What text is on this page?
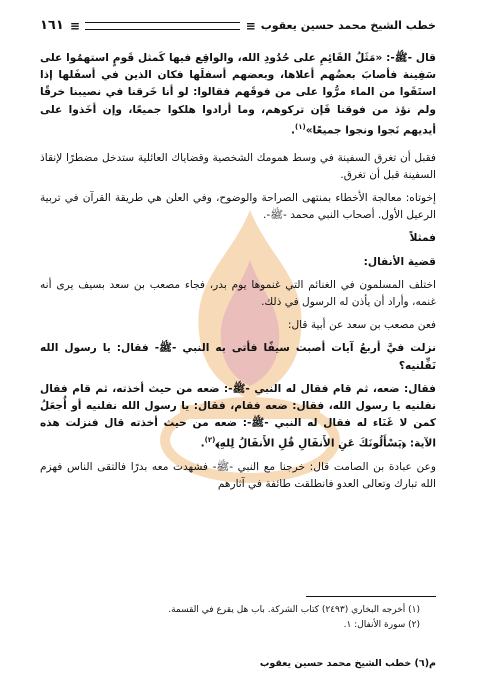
خطب الشيخ محمد حسين يعقوب
≡
≡
١٦١

قال -ﷺ-: «مَثَلُ القَائِمِ على حُدُودِ الله، والواقِع فيها كَمثل قَومٍ استهمُوا على سَفِينة فأصابَ بعضُهم أعلاها، وبعضهم أسفلَها فكان الذين في أسفَلها إذا استَقَوا من الماء مرُّوا على من فوقَهم فقالوا: لو أنا خَرقنا في نصيبنا خرقًا ولم نؤذ من فوقنا فَإن تركوهم، وما أرادوا هلكوا جميعًا، وإن أخَذوا على أيديهم نَجوا ونجوا جميعًا»$^{(١)}$.

فقبل أن تغرق السفينة في وسط همومك الشخصية وقضاياك العائلية ستدخل مضطرًا لإنقاذ السفينة قبل أن تغرق.

إخوتاه: معالجة الأخطاء بمنتهى الصراحة والوضوح، وفي العلن هي طريقة القرآن في تربية الرعيل الأول. أصحاب النبي محمد -ﷺ-.

فمثلاً

قضية الأنفال:

اختلف المسلمون في الغنائم التي غنموها يوم بدر، فجاء مصعب بن سعد بسيف يرى أنه غنمه، وأراد أن يأذن له الرسول في ذلك.

فعن مصعب بن سعد عن أبية قال:

نزلت فيَّ أربعُ آيات أصبت سيفًا فأتى به النبي -ﷺ- فقال: يا رسول الله نَفِّلنيه؟

فقال: ضعه، ثم قام فقال له النبي -ﷺ-: ضعه من حيث أخذته، ثم قام فقال نفلنيه يا رسول الله، فقال: ضعه فقام، فقال: يا رسول الله نفلنيه أو أُجعَلُ كمن لا غَنَاء له فقال له النبي -ﷺ-: ضعه من حيث أخذته قال فنزلت هذه الآية: ﴿يَسْأَلُونَكَ عَنِ الأَنفَالِ قُلِ الأَنفَالُ لِلهِ﴾$^{(٢)}$.

وعن عبادة بن الصامت قال: خرجنا مع النبي -ﷺ- فشهدت معه بدرًا فالتقى الناس فهزم الله تبارك وتعالى العدو فانطلقت طائفة في آثارهم

(١) أخرجه البخاري (٢٤٩٣) كتاب الشركة. باب هل يقرع في القسمة.
(٢) سورة الأنفال: ١.
م(٦) خطب الشيخ محمد حسين يعقوب
